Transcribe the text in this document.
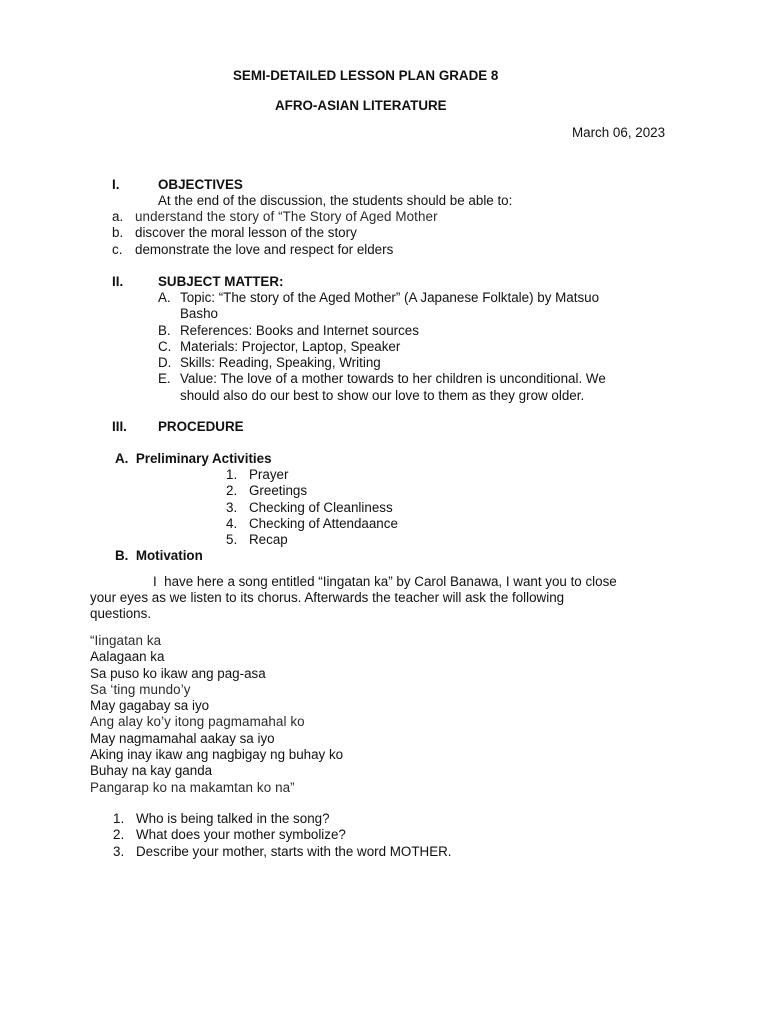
SEMI-DETAILED LESSON PLAN GRADE 8
AFRO-ASIAN LITERATURE
March 06, 2023
I.	OBJECTIVES
At the end of the discussion, the students should be able to:
a. understand the story of “The Story of Aged Mother
b. discover the moral lesson of the story
c. demonstrate the love and respect for elders
II.	SUBJECT MATTER:
A. Topic: “The story of the Aged Mother” (A Japanese Folktale) by Matsuo
Basho
B. References: Books and Internet sources
C. Materials: Projector, Laptop, Speaker
D. Skills: Reading, Speaking, Writing
E. Value: The love of a mother towards to her children is unconditional. We
should also do our best to show our love to them as they grow older.
III. PROCEDURE
A.  Preliminary Activities
1. Prayer
2. Greetings
3. Checking of Cleanliness
4. Checking of Attendaance
5. Recap
B.  Motivation
I  have here a song entitled “Iingatan ka” by Carol Banawa, I want you to close
your eyes as we listen to its chorus. Afterwards the teacher will ask the following
questions.
“Iingatan ka
Aalagaan ka
Sa puso ko ikaw ang pag-asa
Sa ‘ting mundo’y
May gagabay sa iyo
Ang alay ko’y itong pagmamahal ko
May nagmamahal aakay sa iyo
Aking inay ikaw ang nagbigay ng buhay ko
Buhay na kay ganda
Pangarap ko na makamtan ko na”
1. Who is being talked in the song?
2. What does your mother symbolize?
3. Describe your mother, starts with the word MOTHER.
